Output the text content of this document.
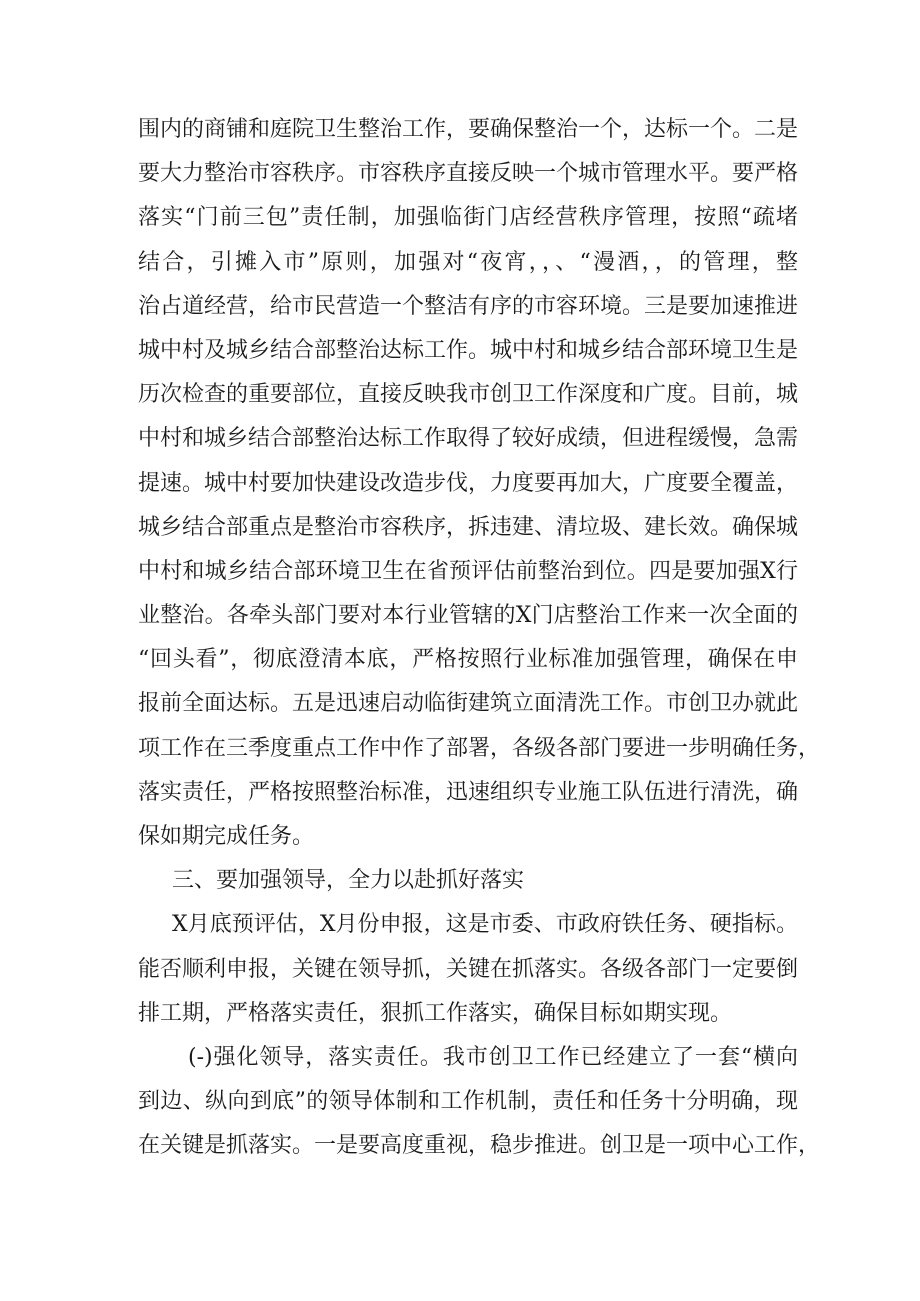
围内的商铺和庭院卫生整治工作，要确保整治一个，达标一个。二是
要大力整治市容秩序。市容秩序直接反映一个城市管理水平。要严格
落实“门前三包”责任制，加强临街门店经营秩序管理，按照“疏堵
结合，引摊入市”原则，加强对“夜宵，，、“漫酒，，的管理，整
治占道经营，给市民营造一个整洁有序的市容环境。三是要加速推进
城中村及城乡结合部整治达标工作。城中村和城乡结合部环境卫生是
历次检查的重要部位，直接反映我市创卫工作深度和广度。目前，城
中村和城乡结合部整治达标工作取得了较好成绩，但进程缓慢，急需
提速。城中村要加快建设改造步伐，力度要再加大，广度要全覆盖，
城乡结合部重点是整治市容秩序，拆违建、清垃圾、建长效。确保城
中村和城乡结合部环境卫生在省预评估前整治到位。四是要加强X行
业整治。各牵头部门要对本行业管辖的X门店整治工作来一次全面的
“回头看”，彻底澄清本底，严格按照行业标准加强管理，确保在申
报前全面达标。五是迅速启动临街建筑立面清洗工作。市创卫办就此
项工作在三季度重点工作中作了部署，各级各部门要进一步明确任务，
落实责任，严格按照整治标准，迅速组织专业施工队伍进行清洗，确
保如期完成任务。
三、要加强领导，全力以赴抓好落实
X月底预评估，X月份申报，这是市委、市政府铁任务、硬指标。
能否顺利申报，关键在领导抓，关键在抓落实。各级各部门一定要倒
排工期，严格落实责任，狠抓工作落实，确保目标如期实现。
(-)强化领导，落实责任。我市创卫工作已经建立了一套“横向
到边、纵向到底”的领导体制和工作机制，责任和任务十分明确，现
在关键是抓落实。一是要高度重视，稳步推进。创卫是一项中心工作，
